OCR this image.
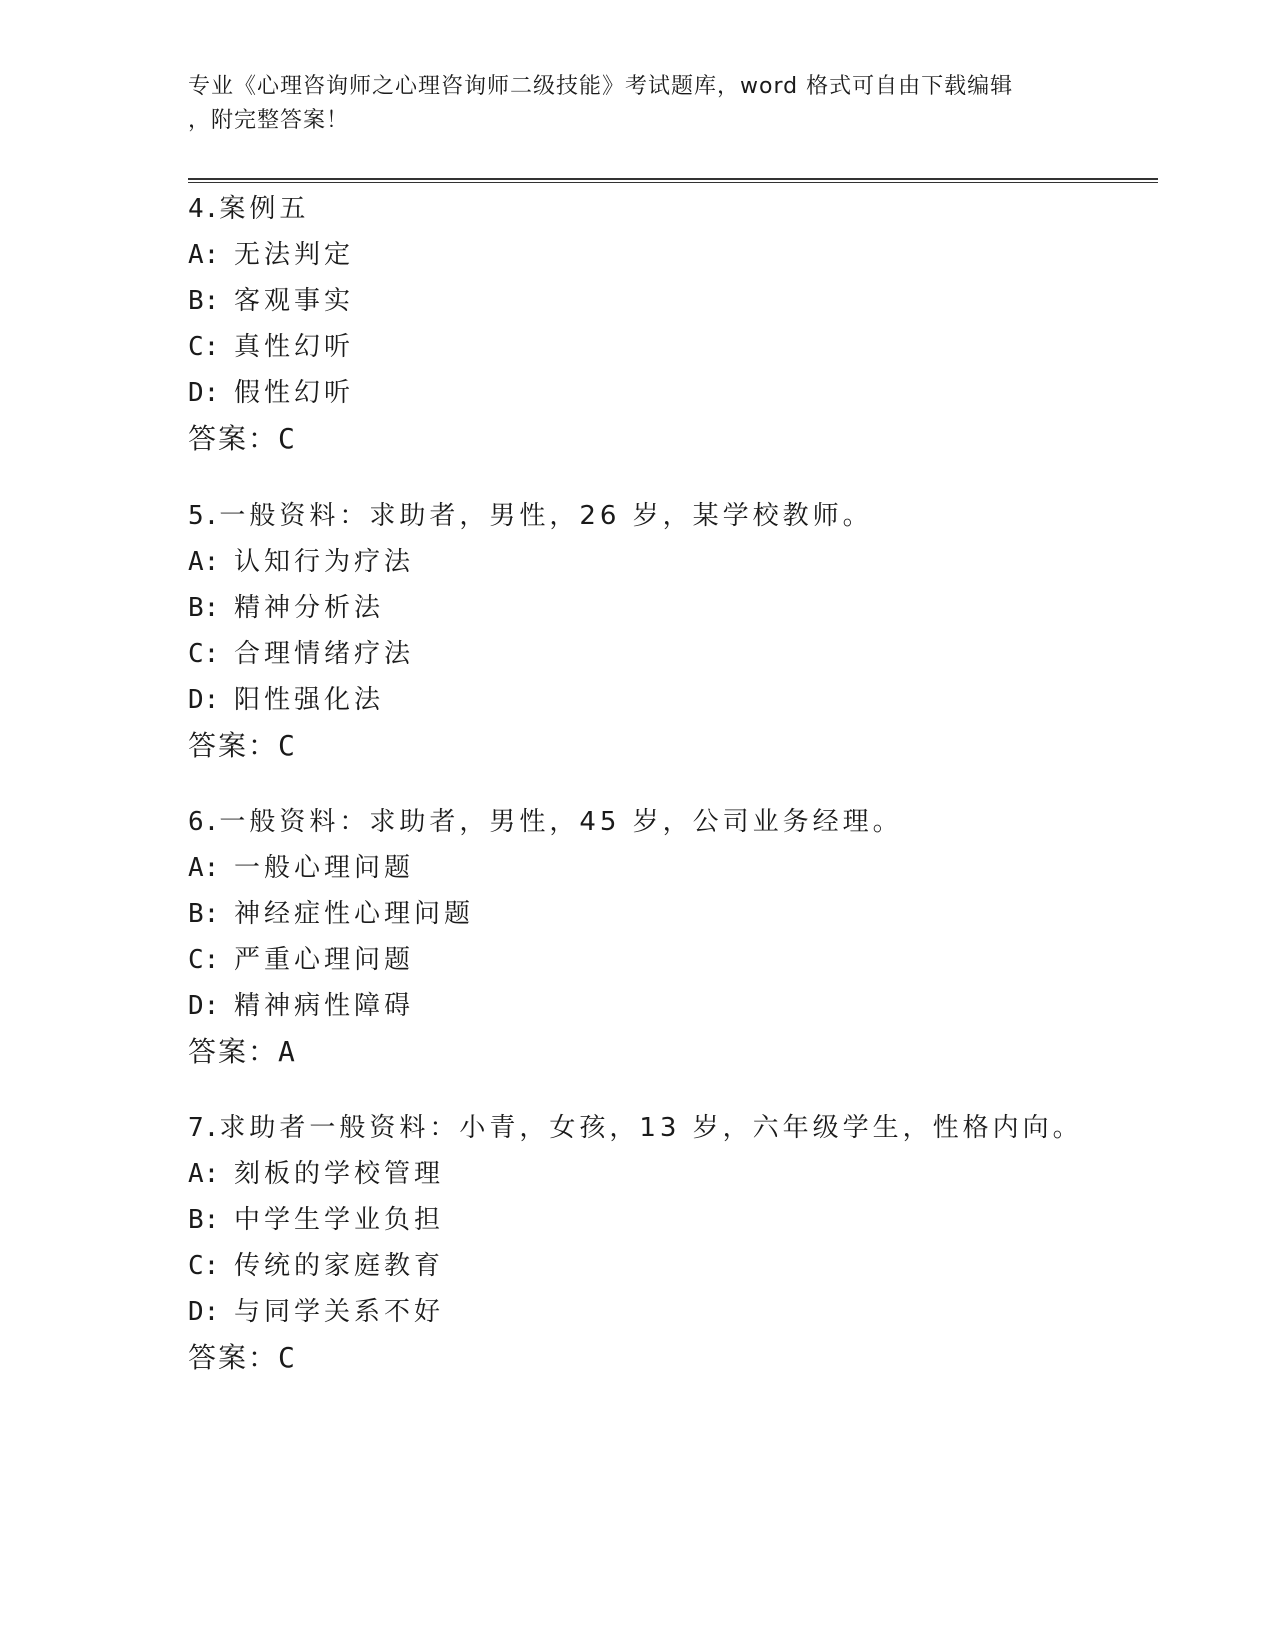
专业《心理咨询师之心理咨询师二级技能》考试题库，word 格式可自由下载编辑
，附完整答案！
4.案例五
A: 无法判定
B: 客观事实
C: 真性幻听
D: 假性幻听
答案：C
5.一般资料：求助者，男性，26 岁，某学校教师。
A: 认知行为疗法
B: 精神分析法
C: 合理情绪疗法
D: 阳性强化法
答案：C
6.一般资料：求助者，男性，45 岁，公司业务经理。
A: 一般心理问题
B: 神经症性心理问题
C: 严重心理问题
D: 精神病性障碍
答案：A
7.求助者一般资料：小青，女孩，13 岁，六年级学生，性格内向。
A: 刻板的学校管理
B: 中学生学业负担
C: 传统的家庭教育
D: 与同学关系不好
答案：C
